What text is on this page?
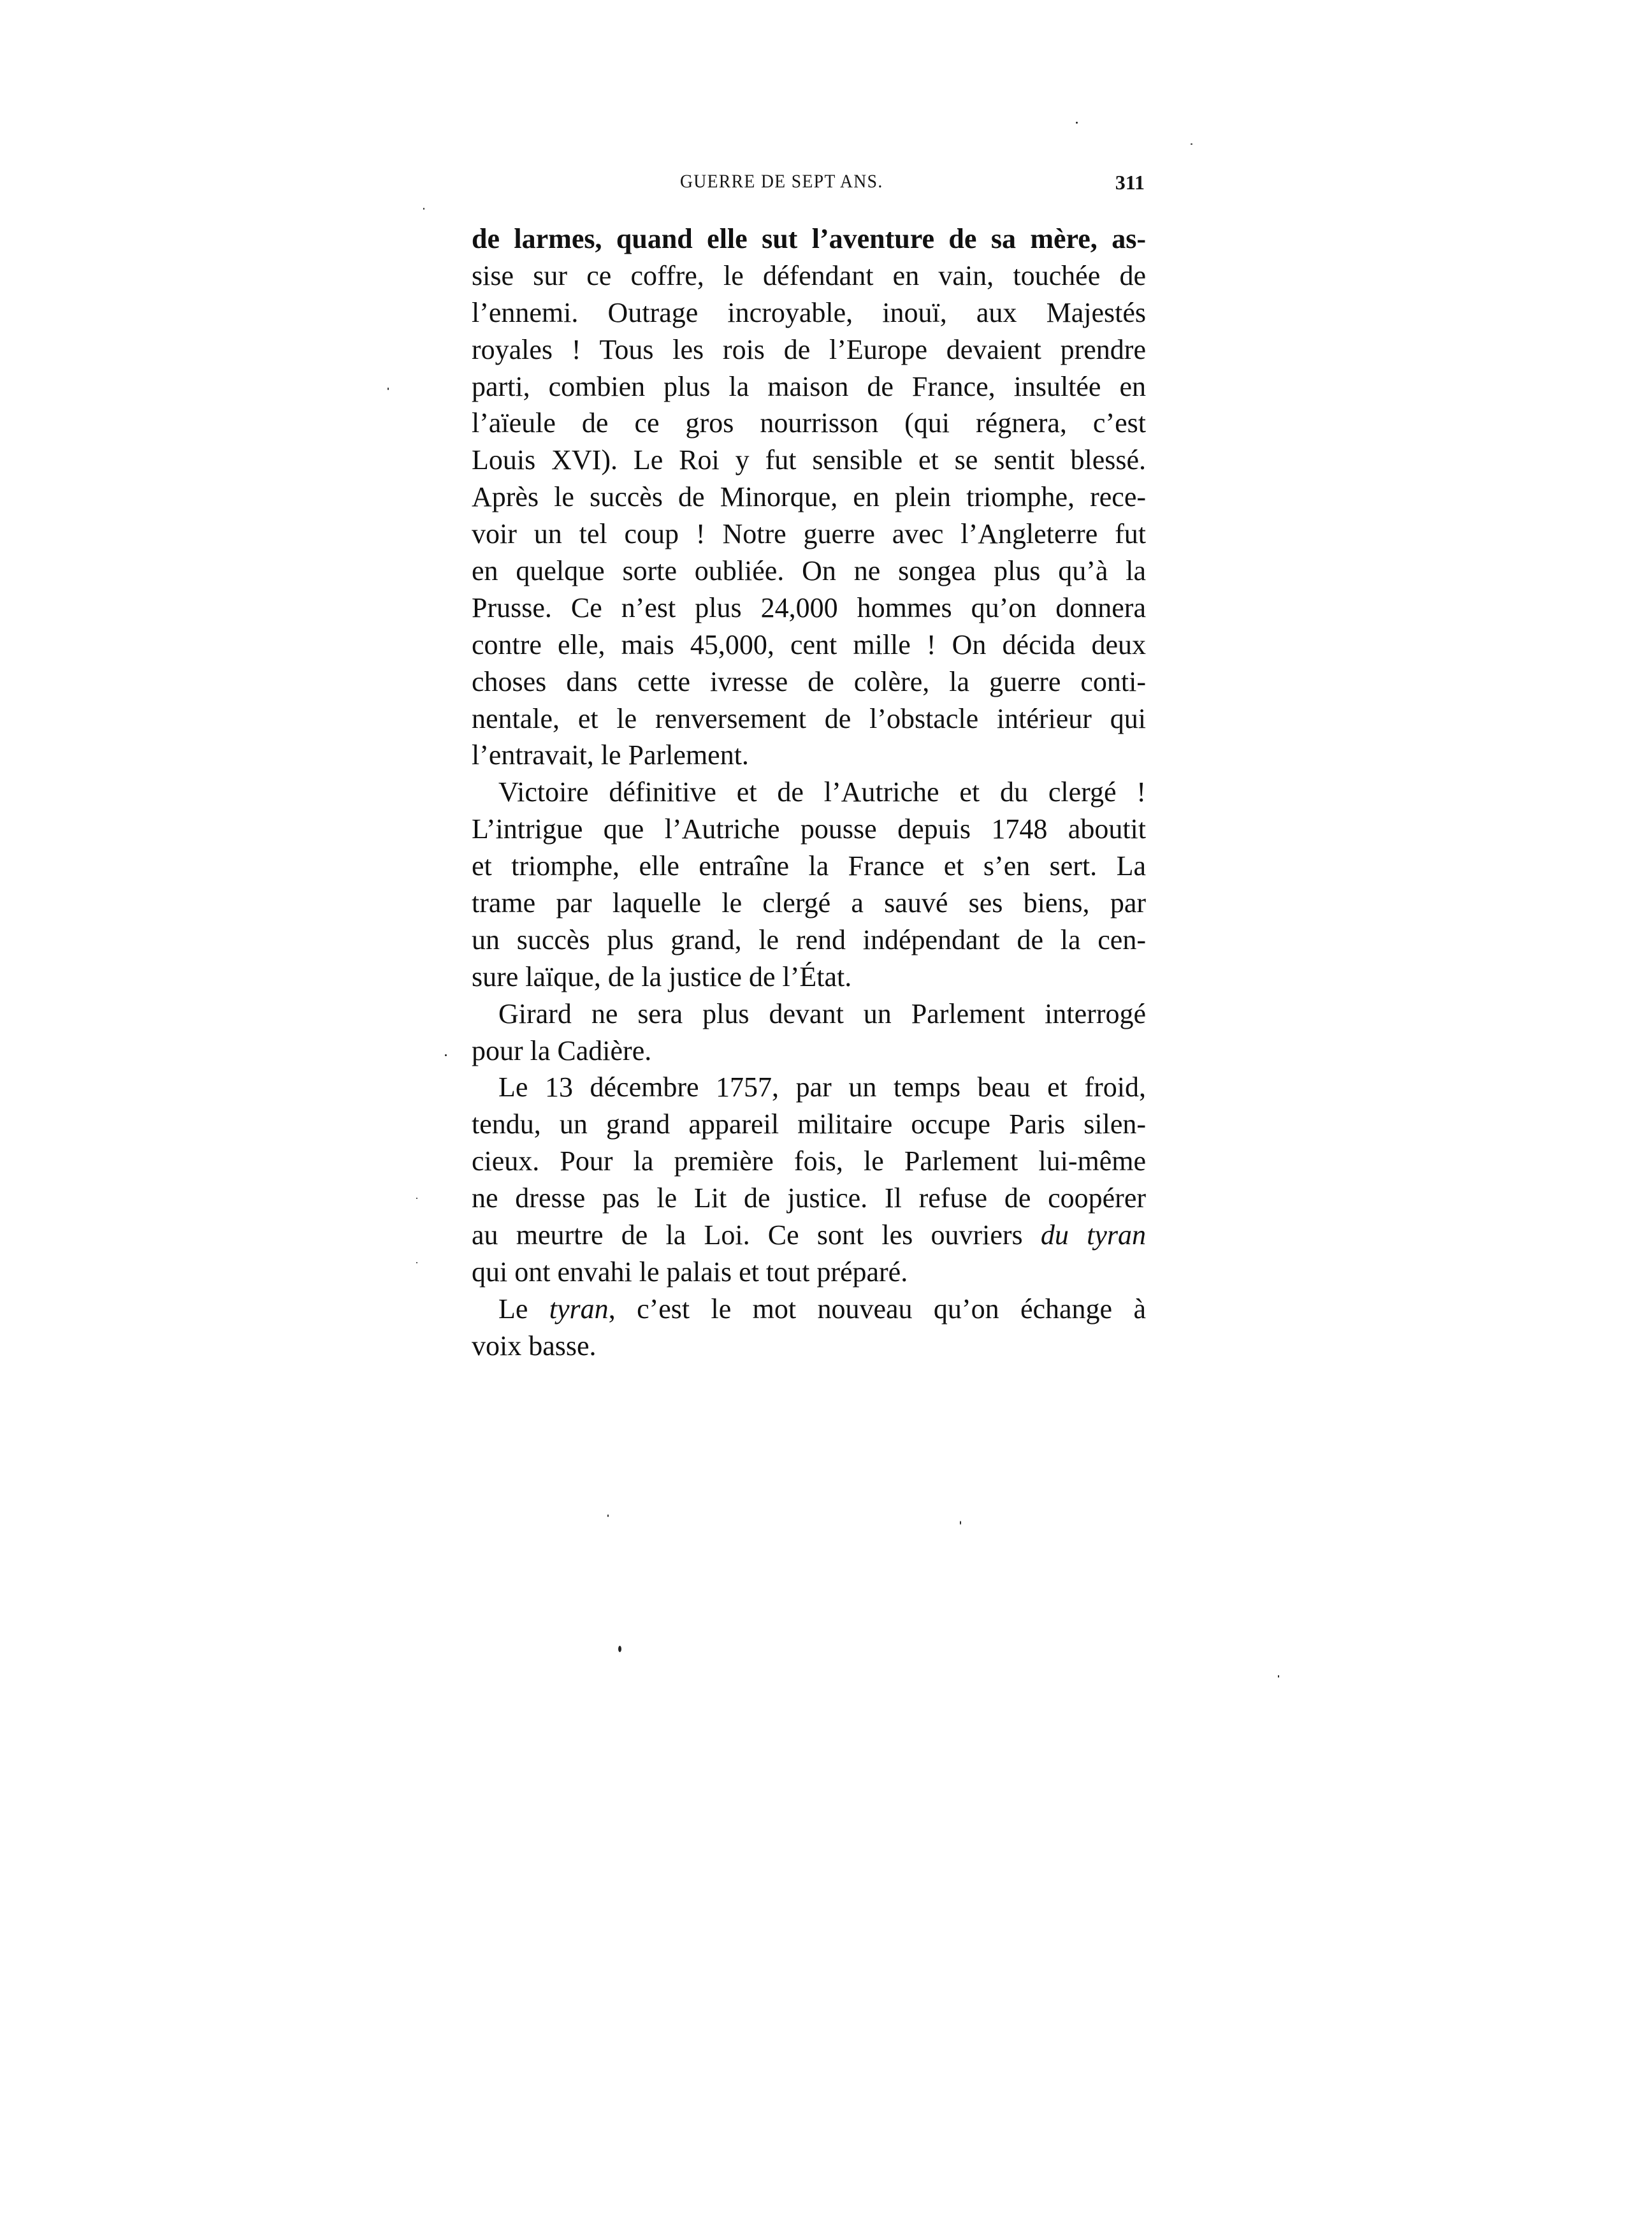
GUERRE DE SEPT ANS.	311
de larmes, quand elle sut l’aventure de sa mère, as-
sise sur ce coffre, le défendant en vain, touchée de
l’ennemi. Outrage incroyable, inouï, aux Majestés
royales ! Tous les rois de l’Europe devaient prendre
parti, combien plus la maison de France, insultée en
l’aïeule de ce gros nourrisson (qui régnera, c’est
Louis XVI). Le Roi y fut sensible et se sentit blessé.
Après le succès de Minorque, en plein triomphe, rece-
voir un tel coup ! Notre guerre avec l’Angleterre fut
en quelque sorte oubliée. On ne songea plus qu’à la
Prusse. Ce n’est plus 24,000 hommes qu’on donnera
contre elle, mais 45,000, cent mille ! On décida deux
choses dans cette ivresse de colère, la guerre conti-
nentale, et le renversement de l’obstacle intérieur qui
l’entravait, le Parlement.
Victoire définitive et de l’Autriche et du clergé !
L’intrigue que l’Autriche pousse depuis 1748 aboutit
et triomphe, elle entraîne la France et s’en sert. La
trame par laquelle le clergé a sauvé ses biens, par
un succès plus grand, le rend indépendant de la cen-
sure laïque, de la justice de l’État.
Girard ne sera plus devant un Parlement interrogé
pour la Cadière.
Le 13 décembre 1757, par un temps beau et froid,
tendu, un grand appareil militaire occupe Paris silen-
cieux. Pour la première fois, le Parlement lui-même
ne dresse pas le Lit de justice. Il refuse de coopérer
au meurtre de la Loi. Ce sont les ouvriers du tyran
qui ont envahi le palais et tout préparé.
Le tyran, c’est le mot nouveau qu’on échange à
voix basse.
